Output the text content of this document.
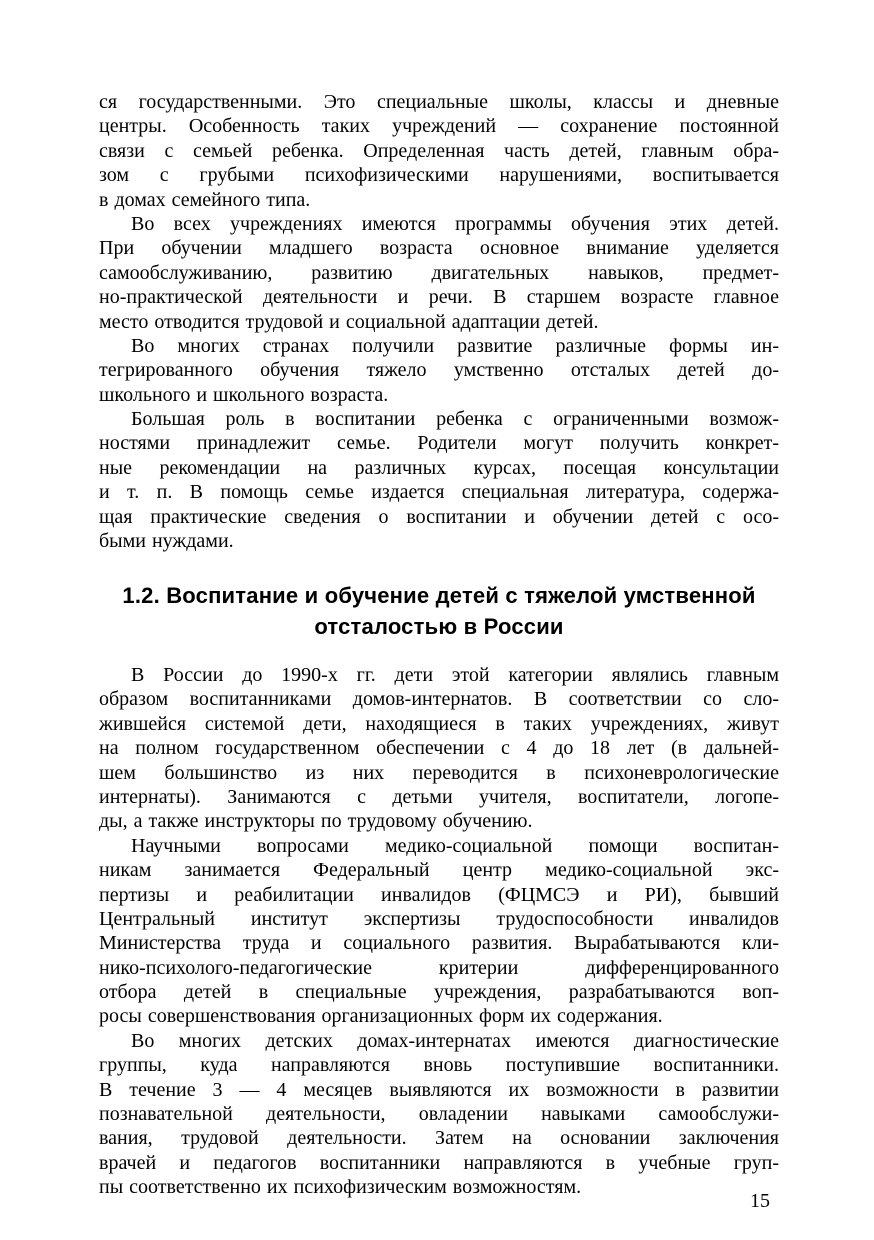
ся государственными. Это специальные школы, классы и дневные
центры. Особенность таких учреждений — сохранение постоянной
связи с семьей ребенка. Определенная часть детей, главным обра-
зом с грубыми психофизическими нарушениями, воспитывается
в домах семейного типа.
Во всех учреждениях имеются программы обучения этих детей.
При обучении младшего возраста основное внимание уделяется
самообслуживанию, развитию двигательных навыков, предмет-
но-практической деятельности и речи. В старшем возрасте главное
место отводится трудовой и социальной адаптации детей.
Во многих странах получили развитие различные формы ин-
тегрированного обучения тяжело умственно отсталых детей до-
школьного и школьного возраста.
Большая роль в воспитании ребенка с ограниченными возмож-
ностями принадлежит семье. Родители могут получить конкрет-
ные рекомендации на различных курсах, посещая консультации
и т. п. В помощь семье издается специальная литература, содержа-
щая практические сведения о воспитании и обучении детей с осо-
быми нуждами.
1.2. Воспитание и обучение детей с тяжелой умственной
отсталостью в России
В России до 1990-х гг. дети этой категории являлись главным
образом воспитанниками домов-интернатов. В соответствии со сло-
жившейся системой дети, находящиеся в таких учреждениях, живут
на полном государственном обеспечении с 4 до 18 лет (в дальней-
шем большинство из них переводится в психоневрологические
интернаты). Занимаются с детьми учителя, воспитатели, логопе-
ды, а также инструкторы по трудовому обучению.
Научными вопросами медико-социальной помощи воспитан-
никам занимается Федеральный центр медико-социальной экс-
пертизы и реабилитации инвалидов (ФЦМСЭ и РИ), бывший
Центральный институт экспертизы трудоспособности инвалидов
Министерства труда и социального развития. Вырабатываются кли-
нико-психолого-педагогические критерии дифференцированного
отбора детей в специальные учреждения, разрабатываются воп-
росы совершенствования организационных форм их содержания.
Во многих детских домах-интернатах имеются диагностические
группы, куда направляются вновь поступившие воспитанники.
В течение 3 — 4 месяцев выявляются их возможности в развитии
познавательной деятельности, овладении навыками самообслужи-
вания, трудовой деятельности. Затем на основании заключения
врачей и педагогов воспитанники направляются в учебные груп-
пы соответственно их психофизическим возможностям.
15
